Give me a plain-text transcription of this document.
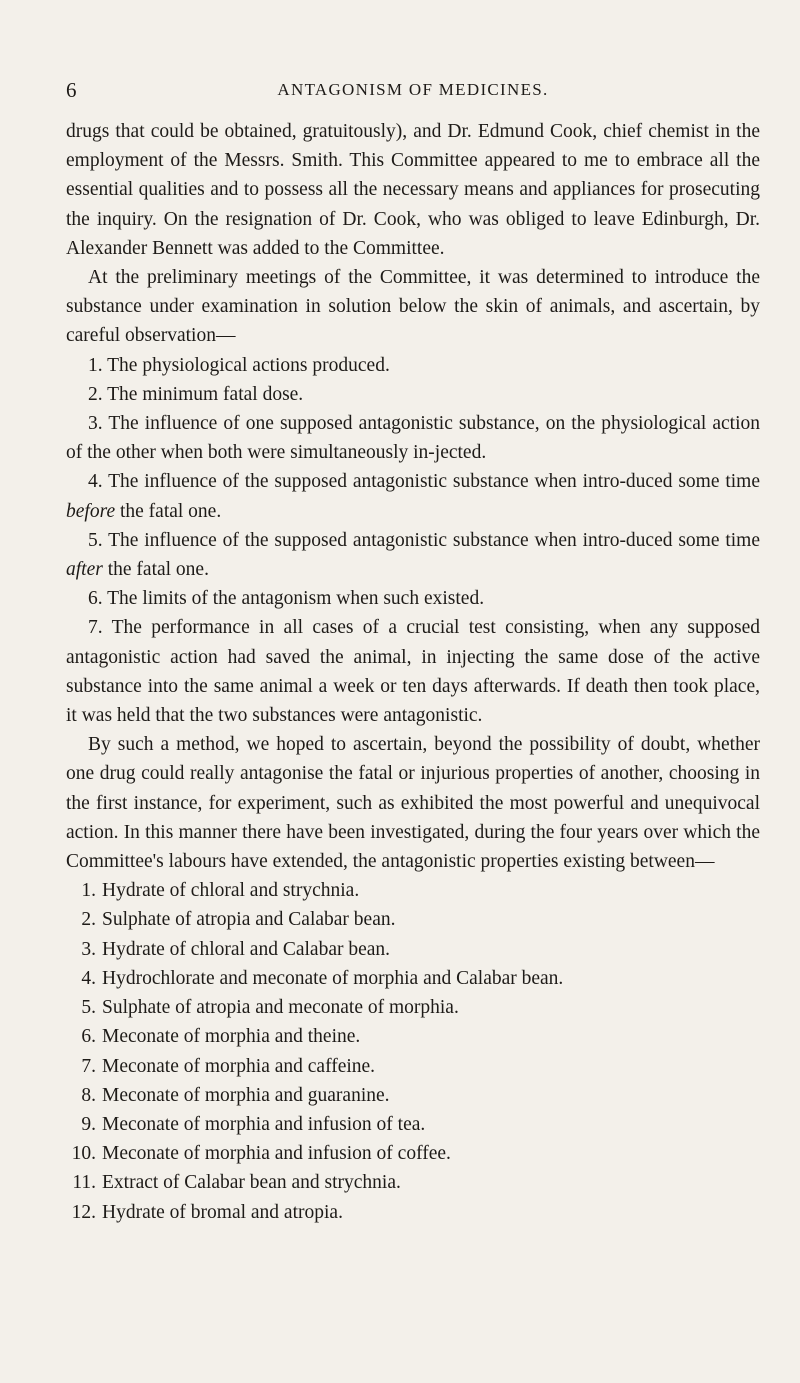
6	ANTAGONISM OF MEDICINES.

drugs that could be obtained, gratuitously), and Dr. Edmund Cook, chief chemist in the employment of the Messrs. Smith. This Committee appeared to me to embrace all the essential qualities and to possess all the necessary means and appliances for prosecuting the inquiry. On the resignation of Dr. Cook, who was obliged to leave Edinburgh, Dr. Alexander Bennett was added to the Committee.

At the preliminary meetings of the Committee, it was determined to introduce the substance under examination in solution below the skin of animals, and ascertain, by careful observation—

1. The physiological actions produced.

2. The minimum fatal dose.

3. The influence of one supposed antagonistic substance, on the physiological action of the other when both were simultaneously in-jected.

4. The influence of the supposed antagonistic substance when intro-duced some time before the fatal one.

5. The influence of the supposed antagonistic substance when intro-duced some time after the fatal one.

6. The limits of the antagonism when such existed.

7. The performance in all cases of a crucial test consisting, when any supposed antagonistic action had saved the animal, in injecting the same dose of the active substance into the same animal a week or ten days afterwards. If death then took place, it was held that the two substances were antagonistic.

By such a method, we hoped to ascertain, beyond the possibility of doubt, whether one drug could really antagonise the fatal or injurious properties of another, choosing in the first instance, for experiment, such as exhibited the most powerful and unequivocal action. In this manner there have been investigated, during the four years over which the Committee's labours have extended, the antagonistic properties existing between—

1. Hydrate of chloral and strychnia.
2. Sulphate of atropia and Calabar bean.
3. Hydrate of chloral and Calabar bean.
4. Hydrochlorate and meconate of morphia and Calabar bean.
5. Sulphate of atropia and meconate of morphia.
6. Meconate of morphia and theine.
7. Meconate of morphia and caffeine.
8. Meconate of morphia and guaranine.
9. Meconate of morphia and infusion of tea.
10. Meconate of morphia and infusion of coffee.
11. Extract of Calabar bean and strychnia.
12. Hydrate of bromal and atropia.
